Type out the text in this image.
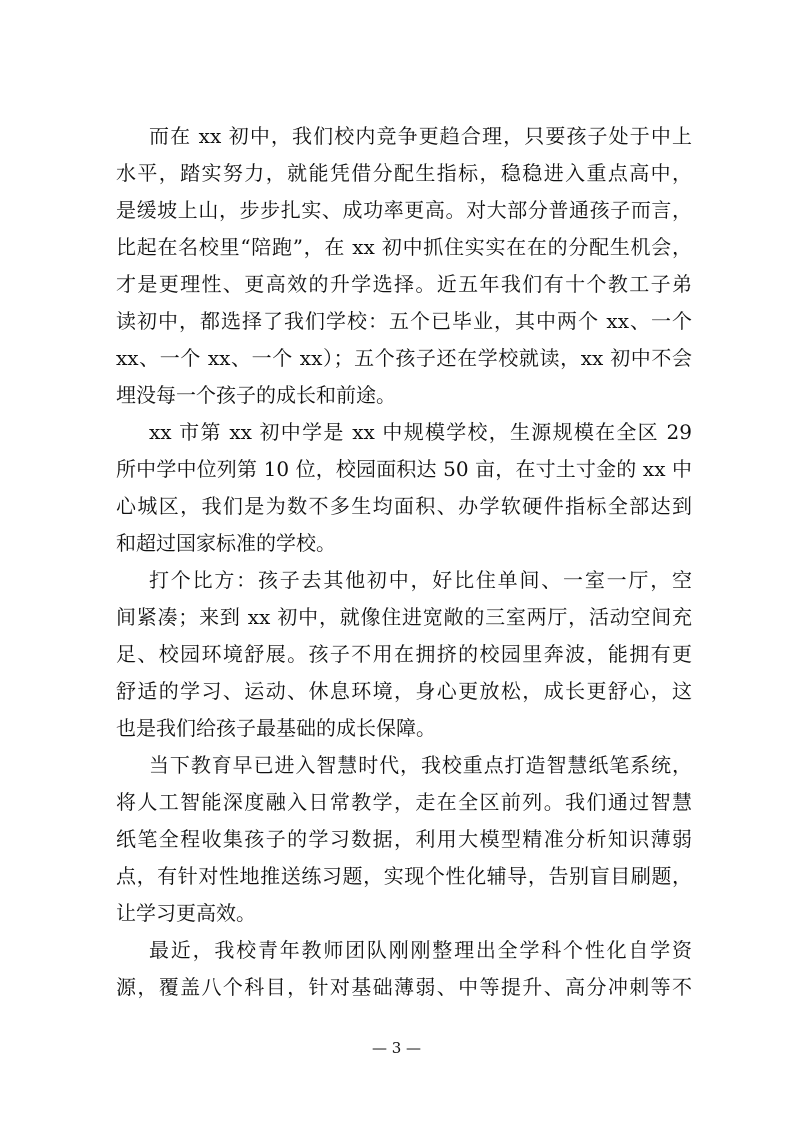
而在 xx 初中，我们校内竞争更趋合理，只要孩子处于中上
水平，踏实努力，就能凭借分配生指标，稳稳进入重点高中，
是缓坡上山，步步扎实、成功率更高。对大部分普通孩子而言，
比起在名校里“陪跑”，在 xx 初中抓住实实在在的分配生机会，
才是更理性、更高效的升学选择。近五年我们有十个教工子弟
读初中，都选择了我们学校：五个已毕业，其中两个 xx、一个
xx、一个 xx、一个 xx）；五个孩子还在学校就读，xx 初中不会
埋没每一个孩子的成长和前途。
xx 市第 xx 初中学是 xx 中规模学校，生源规模在全区 29
所中学中位列第 10 位，校园面积达 50 亩，在寸土寸金的 xx 中
心城区，我们是为数不多生均面积、办学软硬件指标全部达到
和超过国家标准的学校。
打个比方：孩子去其他初中，好比住单间、一室一厅，空
间紧凑；来到 xx 初中，就像住进宽敞的三室两厅，活动空间充
足、校园环境舒展。孩子不用在拥挤的校园里奔波，能拥有更
舒适的学习、运动、休息环境，身心更放松，成长更舒心，这
也是我们给孩子最基础的成长保障。
当下教育早已进入智慧时代，我校重点打造智慧纸笔系统，
将人工智能深度融入日常教学，走在全区前列。我们通过智慧
纸笔全程收集孩子的学习数据，利用大模型精准分析知识薄弱
点，有针对性地推送练习题，实现个性化辅导，告别盲目刷题，
让学习更高效。
最近，我校青年教师团队刚刚整理出全学科个性化自学资
源，覆盖八个科目，针对基础薄弱、中等提升、高分冲刺等不
— 3 —
